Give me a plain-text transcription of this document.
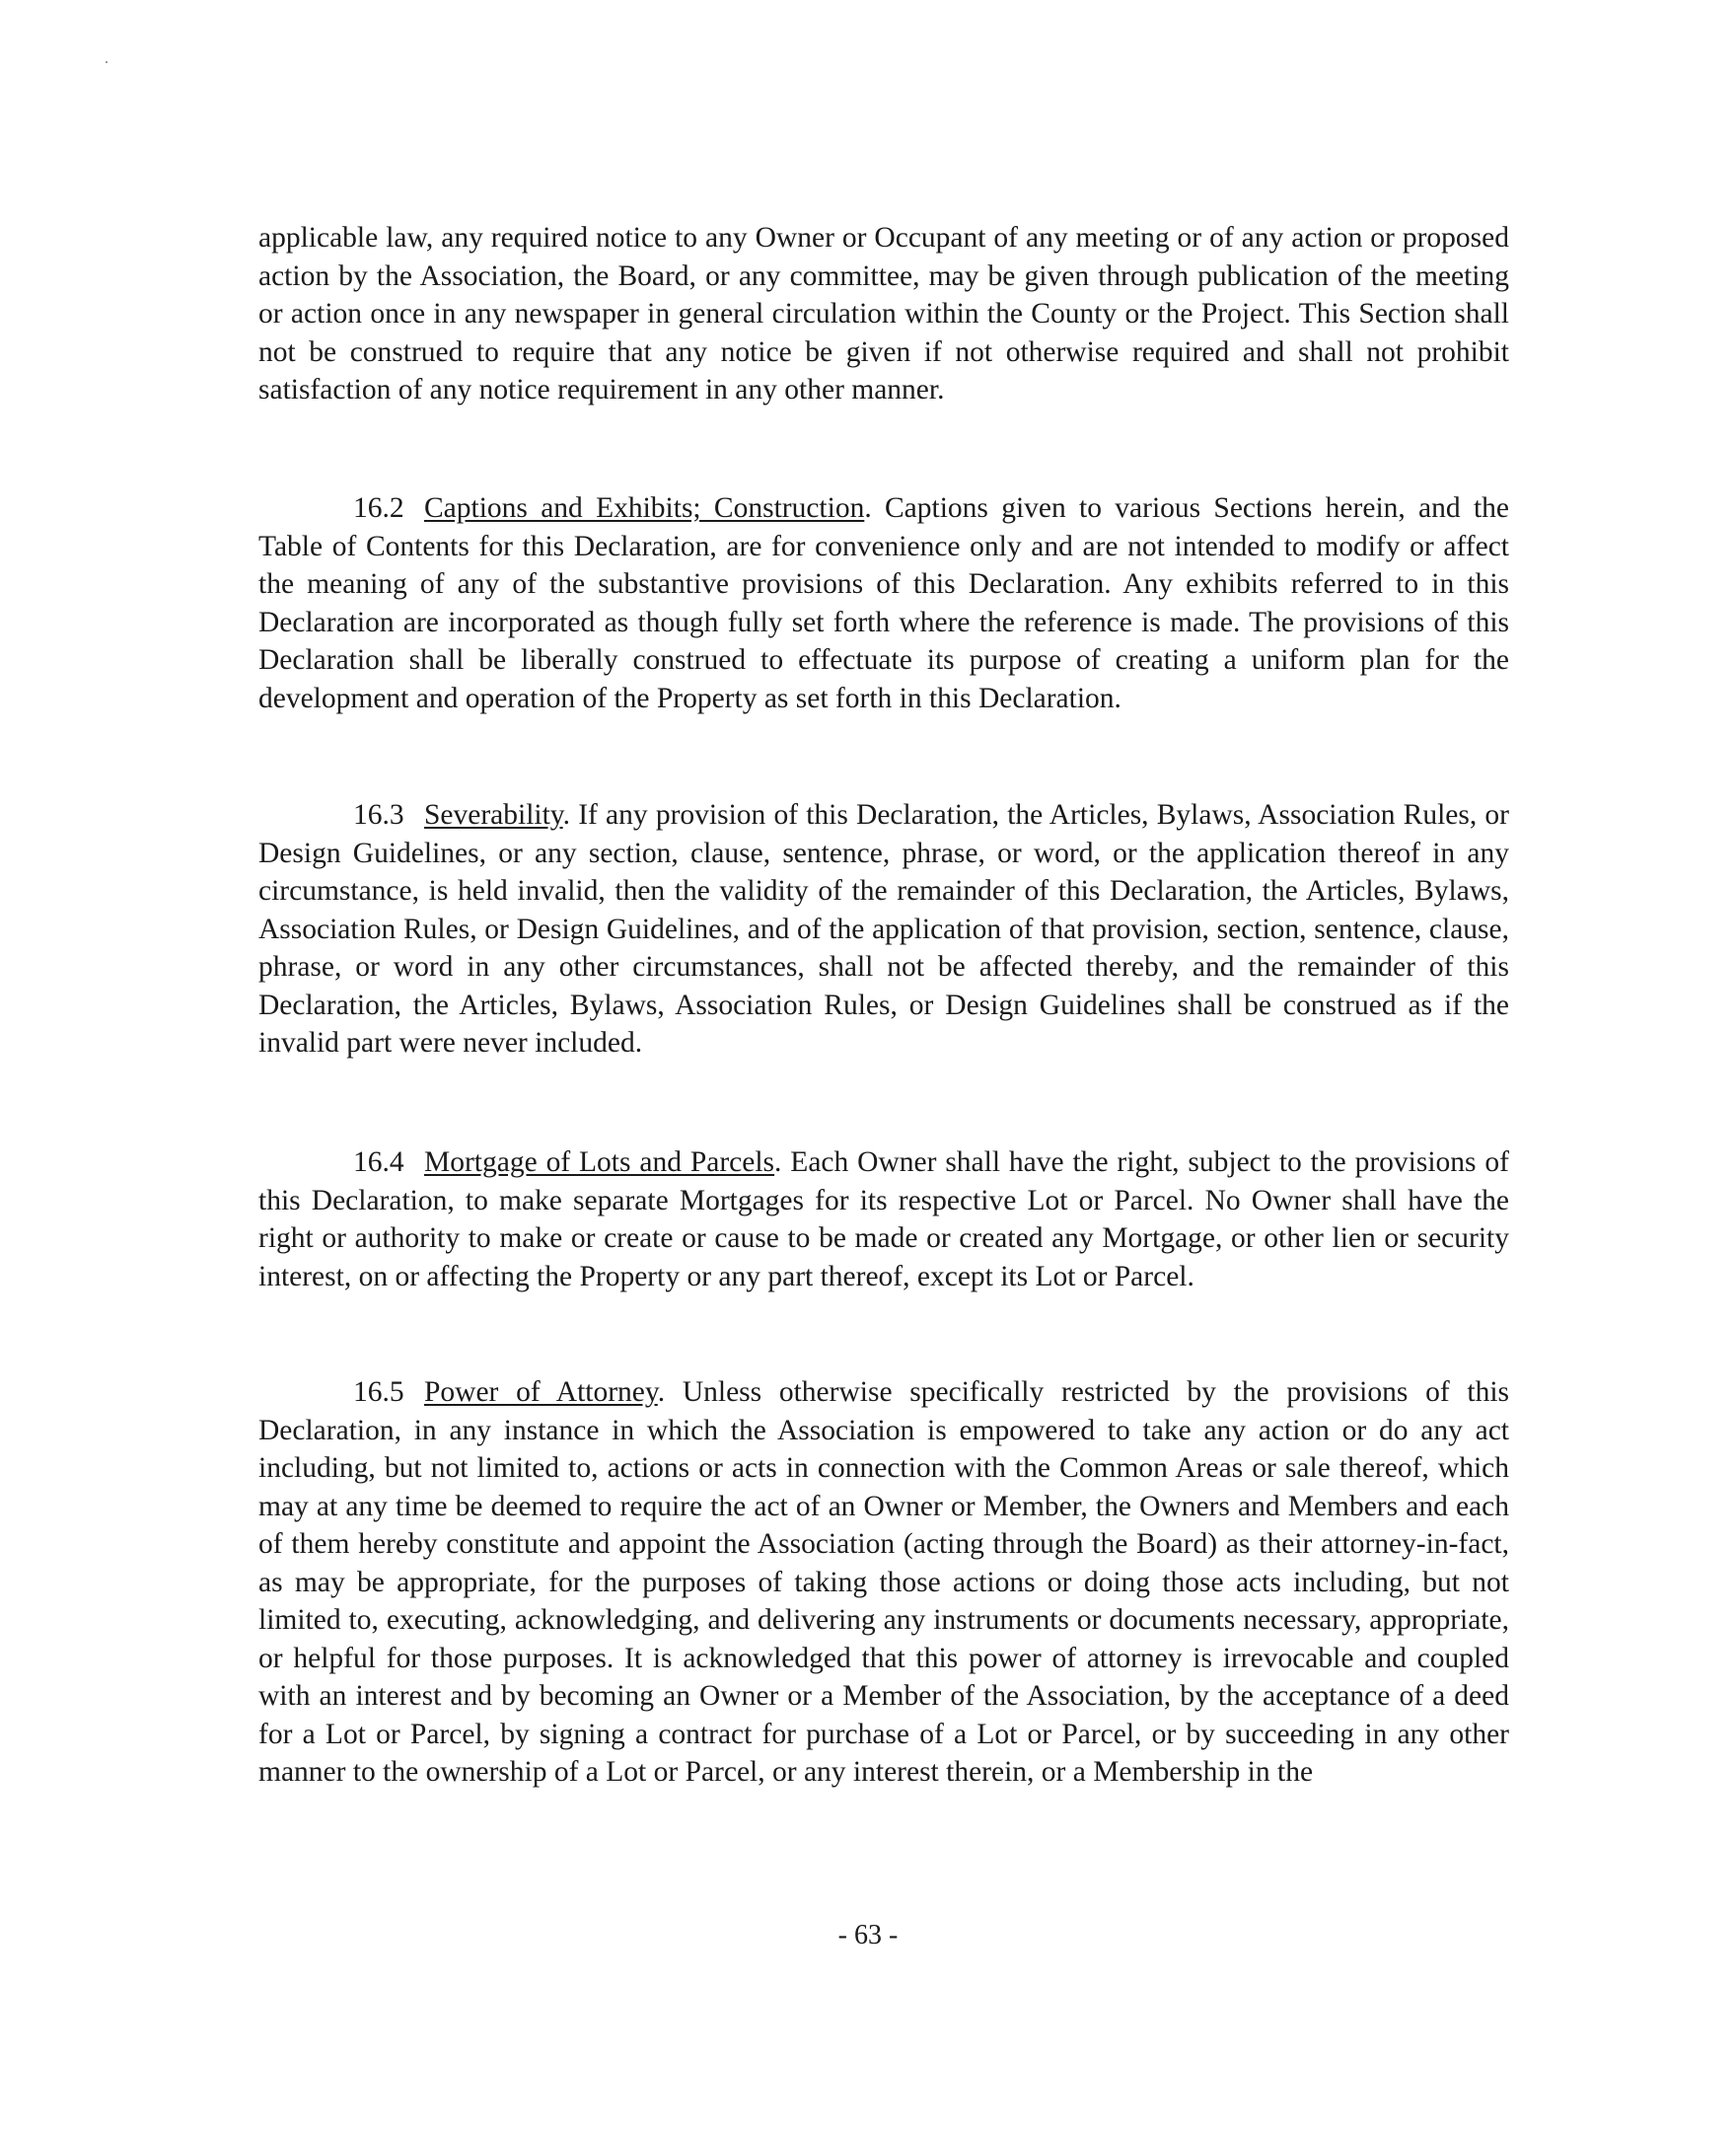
applicable law, any required notice to any Owner or Occupant of any meeting or of any action or proposed action by the Association, the Board, or any committee, may be given through publication of the meeting or action once in any newspaper in general circulation within the County or the Project. This Section shall not be construed to require that any notice be given if not otherwise required and shall not prohibit satisfaction of any notice requirement in any other manner.

16.2 Captions and Exhibits; Construction. Captions given to various Sections herein, and the Table of Contents for this Declaration, are for convenience only and are not intended to modify or affect the meaning of any of the substantive provisions of this Declaration. Any exhibits referred to in this Declaration are incorporated as though fully set forth where the reference is made. The provisions of this Declaration shall be liberally construed to effectuate its purpose of creating a uniform plan for the development and operation of the Property as set forth in this Declaration.

16.3 Severability. If any provision of this Declaration, the Articles, Bylaws, Association Rules, or Design Guidelines, or any section, clause, sentence, phrase, or word, or the application thereof in any circumstance, is held invalid, then the validity of the remainder of this Declaration, the Articles, Bylaws, Association Rules, or Design Guidelines, and of the application of that provision, section, sentence, clause, phrase, or word in any other circumstances, shall not be affected thereby, and the remainder of this Declaration, the Articles, Bylaws, Association Rules, or Design Guidelines shall be construed as if the invalid part were never included.

16.4 Mortgage of Lots and Parcels. Each Owner shall have the right, subject to the provisions of this Declaration, to make separate Mortgages for its respective Lot or Parcel. No Owner shall have the right or authority to make or create or cause to be made or created any Mortgage, or other lien or security interest, on or affecting the Property or any part thereof, except its Lot or Parcel.

16.5 Power of Attorney. Unless otherwise specifically restricted by the provisions of this Declaration, in any instance in which the Association is empowered to take any action or do any act including, but not limited to, actions or acts in connection with the Common Areas or sale thereof, which may at any time be deemed to require the act of an Owner or Member, the Owners and Members and each of them hereby constitute and appoint the Association (acting through the Board) as their attorney-in-fact, as may be appropriate, for the purposes of taking those actions or doing those acts including, but not limited to, executing, acknowledging, and delivering any instruments or documents necessary, appropriate, or helpful for those purposes. It is acknowledged that this power of attorney is irrevocable and coupled with an interest and by becoming an Owner or a Member of the Association, by the acceptance of a deed for a Lot or Parcel, by signing a contract for purchase of a Lot or Parcel, or by succeeding in any other manner to the ownership of a Lot or Parcel, or any interest therein, or a Membership in the

- 63 -
